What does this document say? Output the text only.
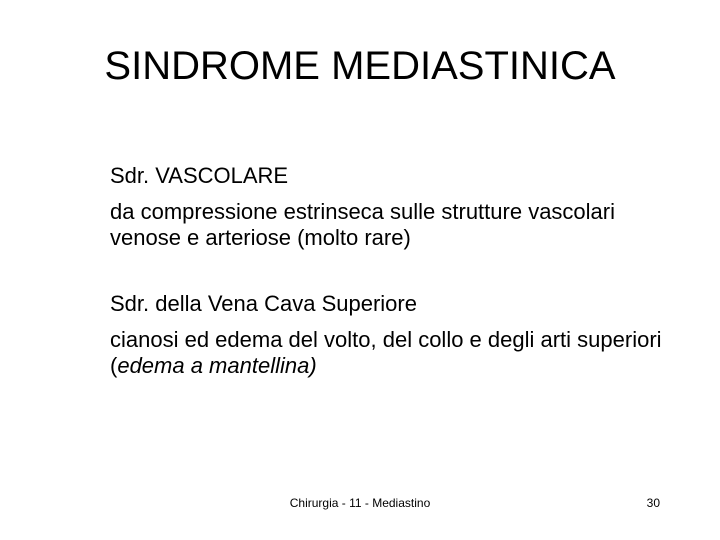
SINDROME MEDIASTINICA

Sdr. VASCOLARE

da compressione estrinseca sulle strutture vascolari venose e arteriose (molto rare)

Sdr. della Vena Cava Superiore

cianosi ed edema del volto, del collo e degli arti superiori (edema a mantellina)

Chirurgia - 11 - Mediastino	30
